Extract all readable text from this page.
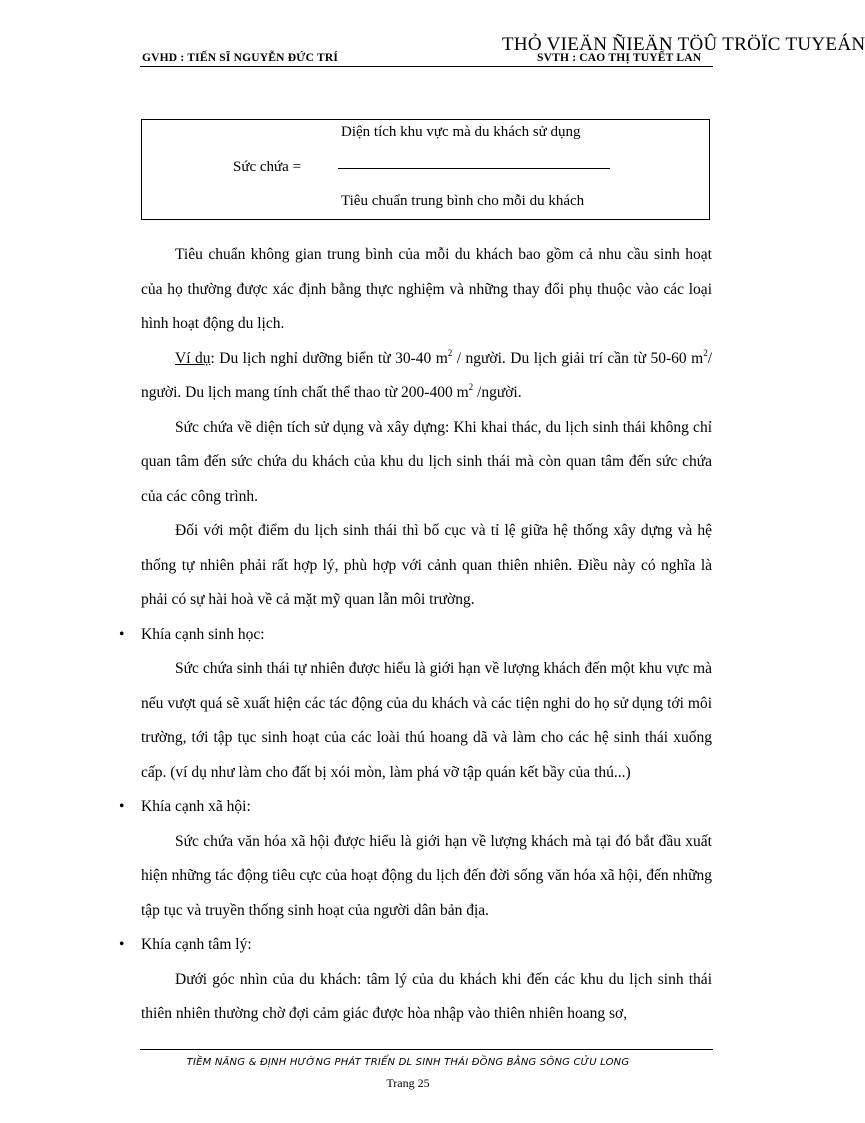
THỎ VIEÄN ÑIEÄN TÖÛ TRÖÏC TUYEÁN
GVHD : TIẾN SĨ NGUYỄN ĐỨC TRÍ	SVTH : CAO THỊ TUYẾT LAN
Diện tích khu vực mà du khách sử dụng
Sức chứa =
Tiêu chuẩn trung bình cho mỗi du khách

Tiêu chuẩn không gian trung bình của mỗi du khách bao gồm cả nhu cầu sinh hoạt của họ thường được xác định bằng thực nghiệm và những thay đổi phụ thuộc vào các loại hình hoạt động du lịch.

Ví dụ: Du lịch nghỉ dưỡng biển từ 30-40 $m^2$ / người. Du lịch giải trí cần từ 50-60 $m^2/$ người. Du lịch mang tính chất thể thao từ 200-400 $m^2$ /người.

Sức chứa về diện tích sử dụng và xây dựng: Khi khai thác, du lịch sinh thái không chỉ quan tâm đến sức chứa du khách của khu du lịch sinh thái mà còn quan tâm đến sức chứa của các công trình.

Đối với một điểm du lịch sinh thái thì bố cục và tỉ lệ giữa hệ thống xây dựng và hệ thống tự nhiên phải rất hợp lý, phù hợp với cảnh quan thiên nhiên. Điều này có nghĩa là phải có sự hài hoà về cả mặt mỹ quan lẫn môi trường.

• Khía cạnh sinh học:

Sức chứa sinh thái tự nhiên được hiểu là giới hạn về lượng khách đến một khu vực mà nếu vượt quá sẽ xuất hiện các tác động của du khách và các tiện nghi do họ sử dụng tới môi trường, tới tập tục sinh hoạt của các loài thú hoang dã và làm cho các hệ sinh thái xuống cấp. (ví dụ như làm cho đất bị xói mòn, làm phá vỡ tập quán kết bầy của thú...)

• Khía cạnh xã hội:

Sức chứa văn hóa xã hội được hiểu là giới hạn về lượng khách mà tại đó bắt đầu xuất hiện những tác động tiêu cực của hoạt động du lịch đến đời sống văn hóa xã hội, đến những tập tục và truyền thống sinh hoạt của người dân bản địa.

• Khía cạnh tâm lý:

Dưới góc nhìn của du khách: tâm lý của du khách khi đến các khu du lịch sinh thái thiên nhiên thường chờ đợi cảm giác được hòa nhập vào thiên nhiên hoang sơ,

TIỀM NĂNG & ĐỊNH HƯỚNG PHÁT TRIỂN DL SINH THÁI ĐỒNG BẰNG SÔNG CỬU LONG
Trang 25
